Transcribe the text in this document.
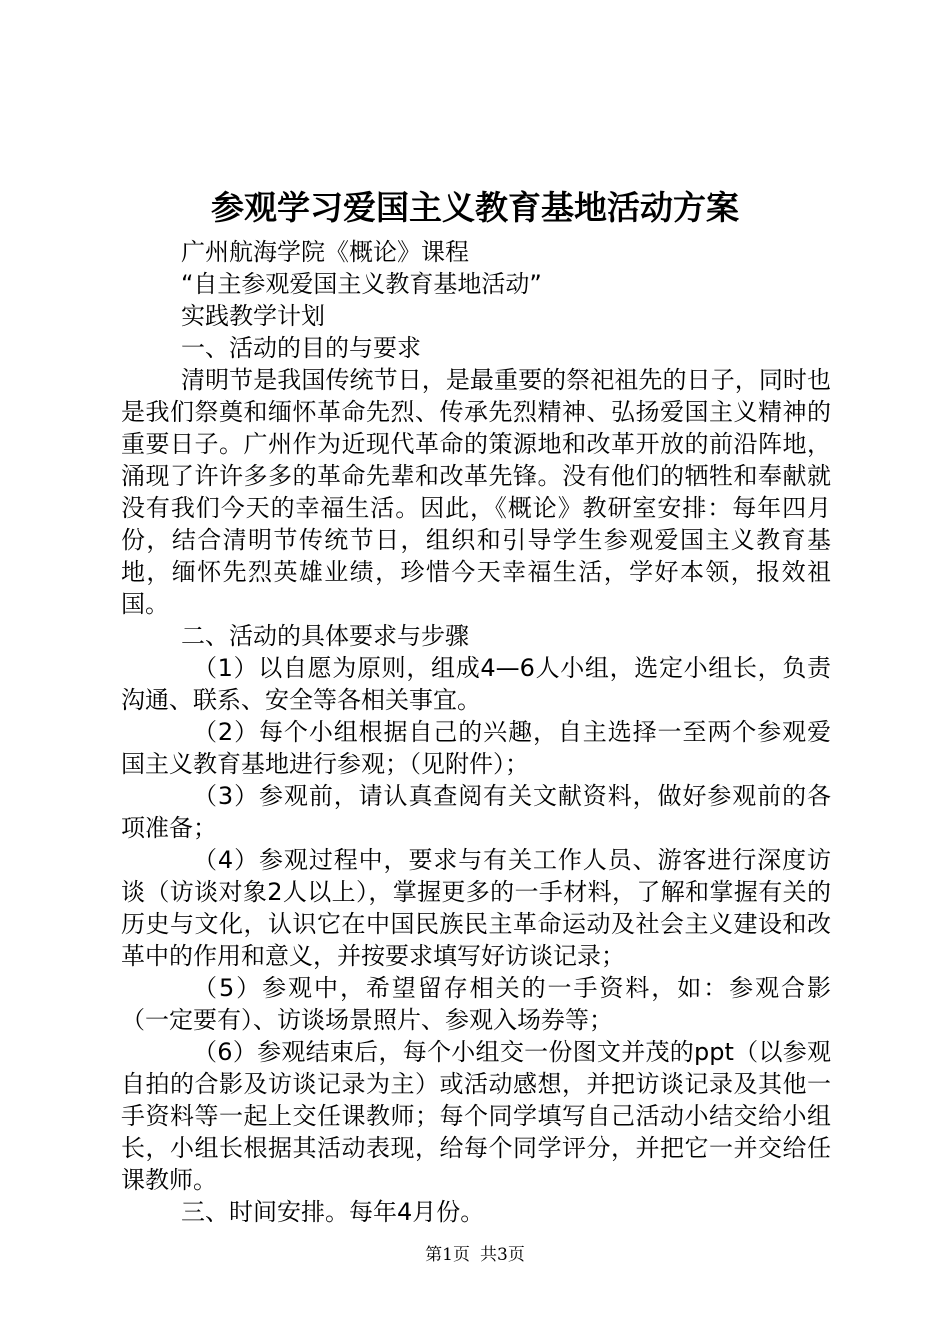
参观学习爱国主义教育基地活动方案

广州航海学院《概论》课程

“自主参观爱国主义教育基地活动”

实践教学计划

一、活动的目的与要求

清明节是我国传统节日，是最重要的祭祀祖先的日子，同时也是我们祭奠和缅怀革命先烈、传承先烈精神、弘扬爱国主义精神的重要日子。广州作为近现代革命的策源地和改革开放的前沿阵地，涌现了许许多多的革命先辈和改革先锋。没有他们的牺牲和奉献就没有我们今天的幸福生活。因此，《概论》教研室安排：每年四月份，结合清明节传统节日，组织和引导学生参观爱国主义教育基地，缅怀先烈英雄业绩，珍惜今天幸福生活，学好本领，报效祖国。

二、活动的具体要求与步骤

（1）以自愿为原则，组成4—6人小组，选定小组长，负责沟通、联系、安全等各相关事宜。

（2）每个小组根据自己的兴趣，自主选择一至两个参观爱国主义教育基地进行参观；（见附件）；

（3）参观前，请认真查阅有关文献资料，做好参观前的各项准备；

（4）参观过程中，要求与有关工作人员、游客进行深度访谈（访谈对象2人以上），掌握更多的一手材料，了解和掌握有关的历史与文化，认识它在中国民族民主革命运动及社会主义建设和改革中的作用和意义，并按要求填写好访谈记录；

（5）参观中，希望留存相关的一手资料，如：参观合影（一定要有）、访谈场景照片、参观入场券等；

（6）参观结束后，每个小组交一份图文并茂的ppt（以参观自拍的合影及访谈记录为主）或活动感想，并把访谈记录及其他一手资料等一起上交任课教师；每个同学填写自己活动小结交给小组长，小组长根据其活动表现，给每个同学评分，并把它一并交给任课教师。

三、时间安排。每年4月份。

第1页 共3页
